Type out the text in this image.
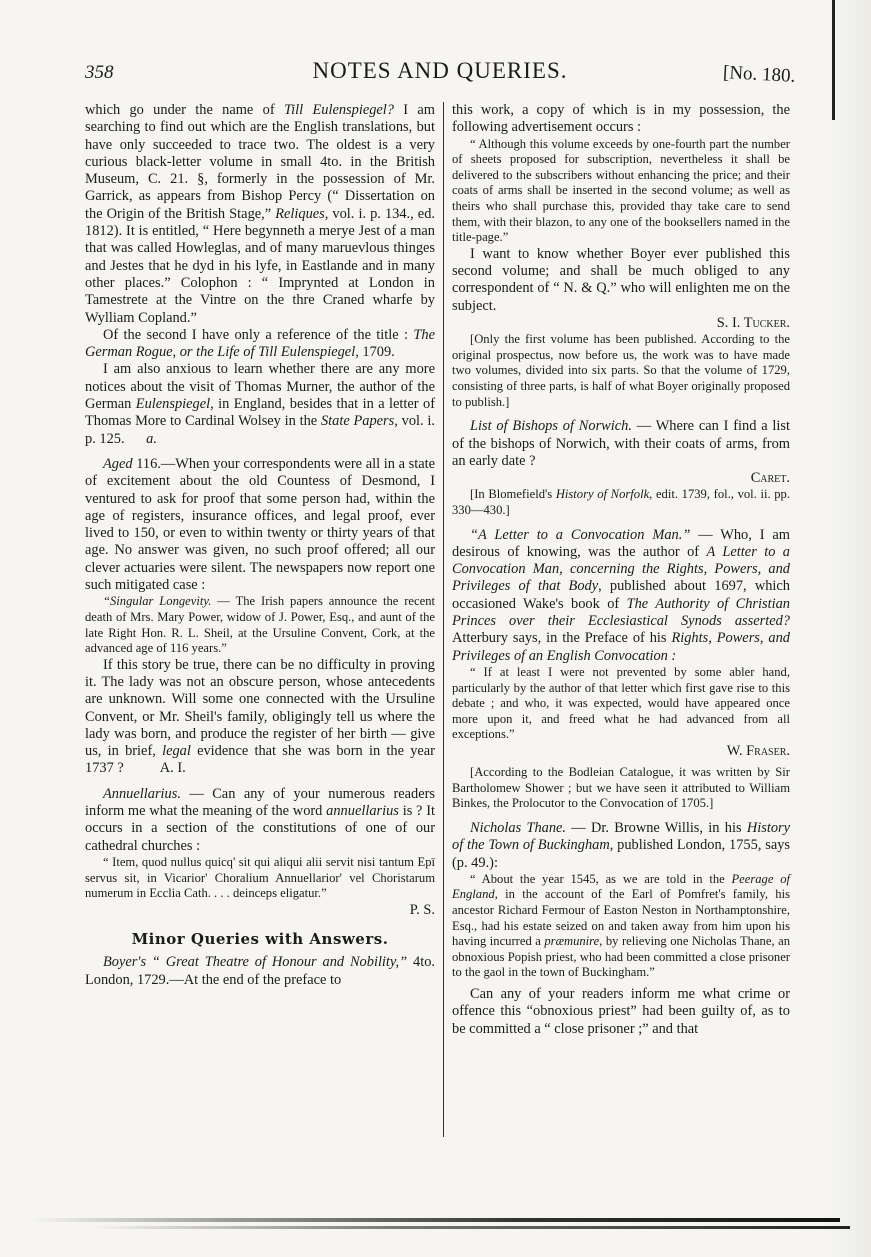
358	NOTES AND QUERIES.	[No. 180.

which go under the name of Till Eulenspiegel? I am searching to find out which are the English translations, but have only succeeded to trace two. The oldest is a very curious black-letter volume in small 4to. in the British Museum, C. 21. §, formerly in the possession of Mr. Garrick, as appears from Bishop Percy (“ Dissertation on the Origin of the British Stage,” Reliques, vol. i. p. 134., ed. 1812). It is entitled, “ Here begynneth a merye Jest of a man that was called Howleglas, and of many maruevlous thinges and Jestes that he dyd in his lyfe, in Eastlande and in many other places.” Colophon : “ Imprynted at London in Tamestrete at the Vintre on the thre Craned wharfe by Wylliam Copland.”

Of the second I have only a reference of the title : The German Rogue, or the Life of Till Eulenspiegel, 1709.

I am also anxious to learn whether there are any more notices about the visit of Thomas Murner, the author of the German Eulenspiegel, in England, besides that in a letter of Thomas More to Cardinal Wolsey in the State Papers, vol. i. p. 125. a.

Aged 116.—When your correspondents were all in a state of excitement about the old Countess of Desmond, I ventured to ask for proof that some person had, within the age of registers, insurance offices, and legal proof, ever lived to 150, or even to within twenty or thirty years of that age. No answer was given, no such proof offered; all our clever actuaries were silent. The newspapers now report one such mitigated case :

“Singular Longevity. — The Irish papers announce the recent death of Mrs. Mary Power, widow of J. Power, Esq., and aunt of the late Right Hon. R. L. Sheil, at the Ursuline Convent, Cork, at the advanced age of 116 years.”

If this story be true, there can be no difficulty in proving it. The lady was not an obscure person, whose antecedents are unknown. Will some one connected with the Ursuline Convent, or Mr. Sheil's family, obligingly tell us where the lady was born, and produce the register of her birth — give us, in brief, legal evidence that she was born in the year 1737 ? A. I.

Annuellarius. — Can any of your numerous readers inform me what the meaning of the word annuellarius is ? It occurs in a section of the constitutions of one of our cathedral churches :

“ Item, quod nullus quicq' sit qui aliqui alii servit nisi tantum Epī servus sit, in Vicarior' Choralium Annuellarior' vel Choristarum numerum in Ecclia Cath. . . . deinceps eligatur.”

P. S.

Minor Queries with Answers.

Boyer's “ Great Theatre of Honour and Nobility,” 4to. London, 1729.—At the end of the preface to

this work, a copy of which is in my possession, the following advertisement occurs :

“ Although this volume exceeds by one-fourth part the number of sheets proposed for subscription, nevertheless it shall be delivered to the subscribers without enhancing the price; and their coats of arms shall be inserted in the second volume; as well as theirs who shall purchase this, provided thay take care to send them, with their blazon, to any one of the booksellers named in the title-page.”

I want to know whether Boyer ever published this second volume; and shall be much obliged to any correspondent of “ N. & Q.” who will enlighten me on the subject.

S. I. Tucker.

[Only the first volume has been published. According to the original prospectus, now before us, the work was to have made two volumes, divided into six parts. So that the volume of 1729, consisting of three parts, is half of what Boyer originally proposed to publish.]

List of Bishops of Norwich. — Where can I find a list of the bishops of Norwich, with their coats of arms, from an early date ?

Caret.

[In Blomefield's History of Norfolk, edit. 1739, fol., vol. ii. pp. 330—430.]

“A Letter to a Convocation Man.” — Who, I am desirous of knowing, was the author of A Letter to a Convocation Man, concerning the Rights, Powers, and Privileges of that Body, published about 1697, which occasioned Wake's book of The Authority of Christian Princes over their Ecclesiastical Synods asserted? Atterbury says, in the Preface of his Rights, Powers, and Privileges of an English Convocation :

“ If at least I were not prevented by some abler hand, particularly by the author of that letter which first gave rise to this debate ; and who, it was expected, would have appeared once more upon it, and freed what he had advanced from all exceptions.”

W. Fraser.

[According to the Bodleian Catalogue, it was written by Sir Bartholomew Shower ; but we have seen it attributed to William Binkes, the Prolocutor to the Convocation of 1705.]

Nicholas Thane. — Dr. Browne Willis, in his History of the Town of Buckingham, published London, 1755, says (p. 49.):

“ About the year 1545, as we are told in the Peerage of England, in the account of the Earl of Pomfret's family, his ancestor Richard Fermour of Easton Neston in Northamptonshire, Esq., had his estate seized on and taken away from him upon his having incurred a præmunire, by relieving one Nicholas Thane, an obnoxious Popish priest, who had been committed a close prisoner to the gaol in the town of Buckingham.”

Can any of your readers inform me what crime or offence this “obnoxious priest” had been guilty of, as to be committed a “ close prisoner ;” and that
